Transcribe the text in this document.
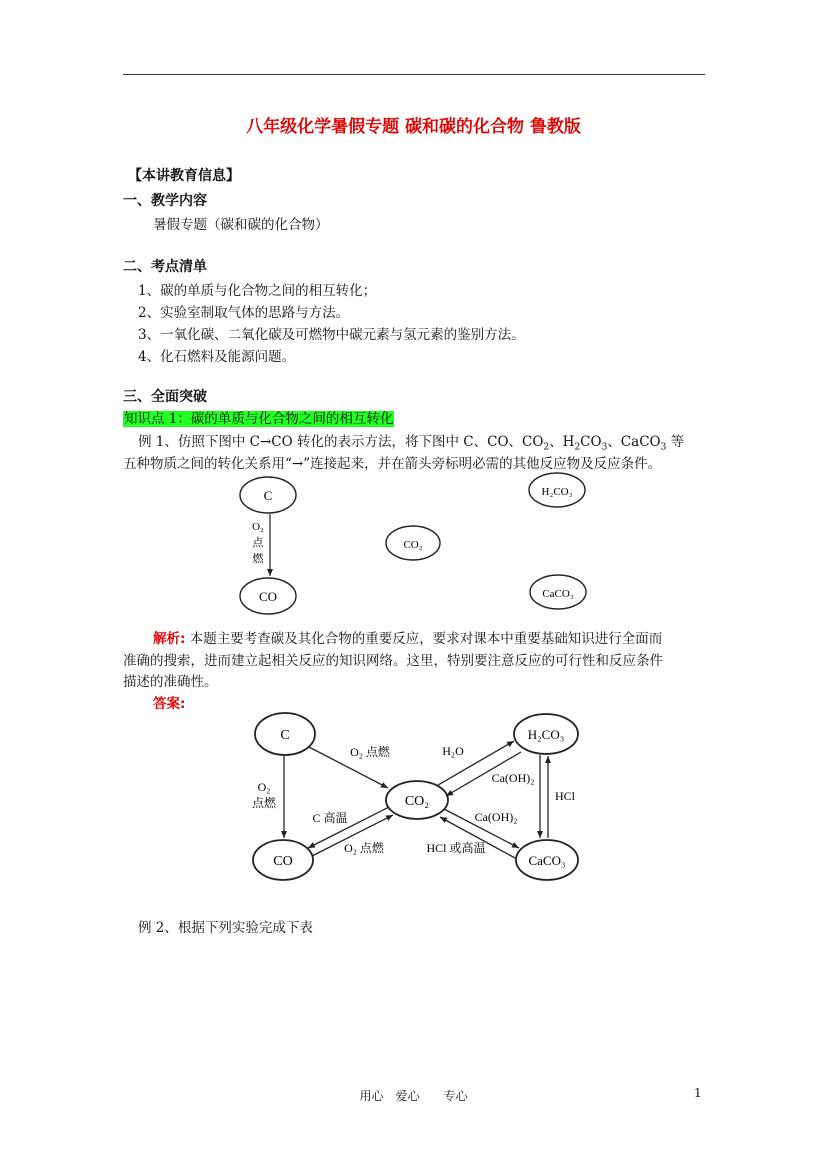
八年级化学暑假专题 碳和碳的化合物 鲁教版
【本讲教育信息】
一、教学内容
暑假专题（碳和碳的化合物）
二、考点清单
1、碳的单质与化合物之间的相互转化；
2、实验室制取气体的思路与方法。
3、一氧化碳、二氧化碳及可燃物中碳元素与氢元素的鉴别方法。
4、化石燃料及能源问题。
三、全面突破
知识点 1：碳的单质与化合物之间的相互转化
例 1、仿照下图中 C→CO 转化的表示方法，将下图中 C、CO、$CO_2$、$H_2CO_3$、CaCO$_3$ 等
五种物质之间的转化关系用“→”连接起来，并在箭头旁标明必需的其他反应物及反应条件。
C
CO
CO₂
H₂CO₃
CaCO₃
O₂
点
燃
C
CO
CO₂
H₂CO₃
CaCO₃
O₂ 点燃
O₂
点燃
C 高温
O₂ 点燃
H₂O
Ca(OH)₂
HCl
Ca(OH)₂
HCl 或高温
解析: 本题主要考查碳及其化合物的重要反应，要求对课本中重要基础知识进行全面而
准确的搜索，进而建立起相关反应的知识网络。这里，特别要注意反应的可行性和反应条件
描述的准确性。
答案:
例 2、根据下列实验完成下表
用心　爱心　　专心	1
